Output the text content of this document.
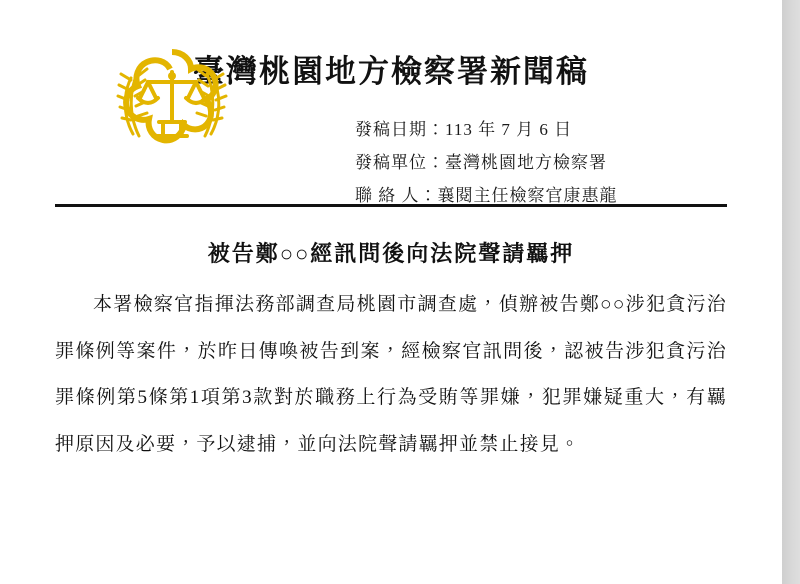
臺灣桃園地方檢察署新聞稿
發稿日期：113 年 7 月 6 日
發稿單位：臺灣桃園地方檢察署
聯 絡 人：襄閱主任檢察官康惠龍
被告鄭○○經訊問後向法院聲請羈押

本署檢察官指揮法務部調查局桃園市調查處，偵辦被告鄭○○涉犯貪污治罪條例等案件，於昨日傳喚被告到案，經檢察官訊問後，認被告涉犯貪污治罪條例第5條第1項第3款對於職務上行為受賄等罪嫌，犯罪嫌疑重大，有羈押原因及必要，予以逮捕，並向法院聲請羈押並禁止接見。
